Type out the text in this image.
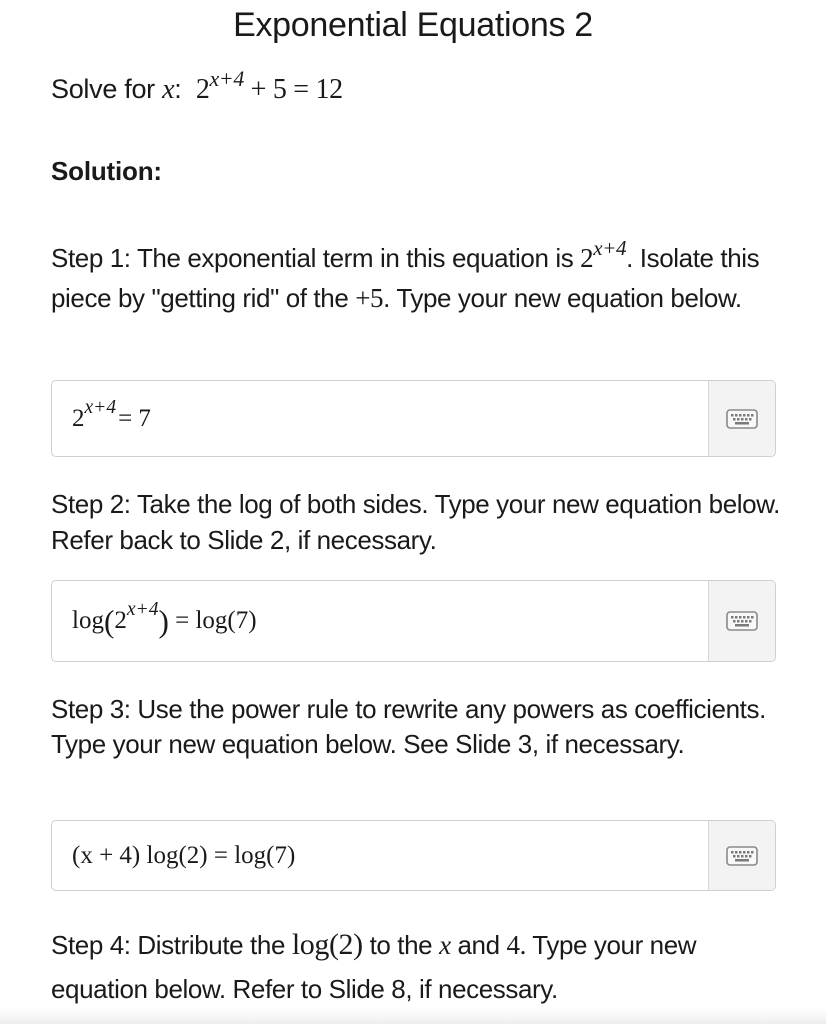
Exponential Equations 2
Solve for x: $2^{x+4} + 5 = 12$
Solution:
Step 1: The exponential term in this equation is $2^{x+4}$. Isolate this piece by "getting rid" of the +5. Type your new equation below.
$2^{x+4} = 7$
Step 2: Take the log of both sides. Type your new equation below. Refer back to Slide 2, if necessary.
log ( $2^{x+4}$ )
= log(7)
Step 3: Use the power rule to rewrite any powers as coefficients. Type your new equation below. See Slide 3, if necessary.
(x + 4) log(2) = log(7)
Step 4: Distribute the log(2) to the x and 4. Type your new equation below. Refer to Slide 8, if necessary.
